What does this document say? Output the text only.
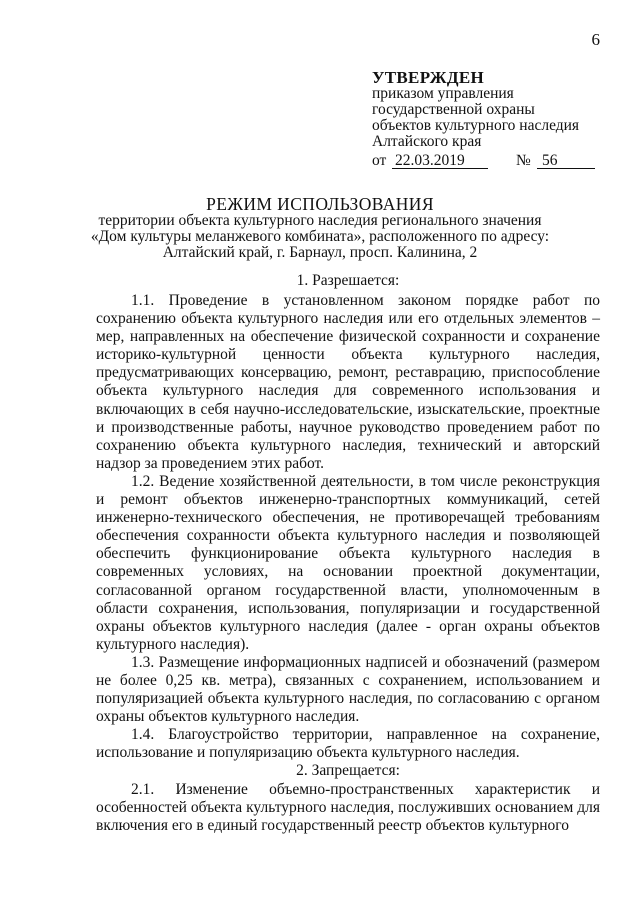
6
УТВЕРЖДЕН
приказом управления
государственной охраны
объектов культурного наследия
Алтайского края
от 22.03.2019	№ 56
РЕЖИМ ИСПОЛЬЗОВАНИЯ
территории объекта культурного наследия регионального значения
«Дом культуры меланжевого комбината», расположенного по адресу:
Алтайский край, г. Барнаул, просп. Калинина, 2
1. Разрешается:

1.1. Проведение в установленном законом порядке работ по сохранению объекта культурного наследия или его отдельных элементов – мер, направленных на обеспечение физической сохранности и сохранение историко-культурной ценности объекта культурного наследия, предусматривающих консервацию, ремонт, реставрацию, приспособление объекта культурного наследия для современного использования и включающих в себя научно-исследовательские, изыскательские, проектные и производственные работы, научное руководство проведением работ по сохранению объекта культурного наследия, технический и авторский надзор за проведением этих работ.

1.2. Ведение хозяйственной деятельности, в том числе реконструкция и ремонт объектов инженерно-транспортных коммуникаций, сетей инженерно-технического обеспечения, не противоречащей требованиям обеспечения сохранности объекта культурного наследия и позволяющей обеспечить функционирование объекта культурного наследия в современных условиях, на основании проектной документации, согласованной органом государственной власти, уполномоченным в области сохранения, использования, популяризации и государственной охраны объектов культурного наследия (далее - орган охраны объектов культурного наследия).

1.3. Размещение информационных надписей и обозначений (размером не более 0,25 кв. метра), связанных с сохранением, использованием и популяризацией объекта культурного наследия, по согласованию с органом охраны объектов культурного наследия.

1.4. Благоустройство территории, направленное на сохранение, использование и популяризацию объекта культурного наследия.

2. Запрещается:

2.1. Изменение объемно-пространственных характеристик и особенностей объекта культурного наследия, послуживших основанием для включения его в единый государственный реестр объектов культурного
